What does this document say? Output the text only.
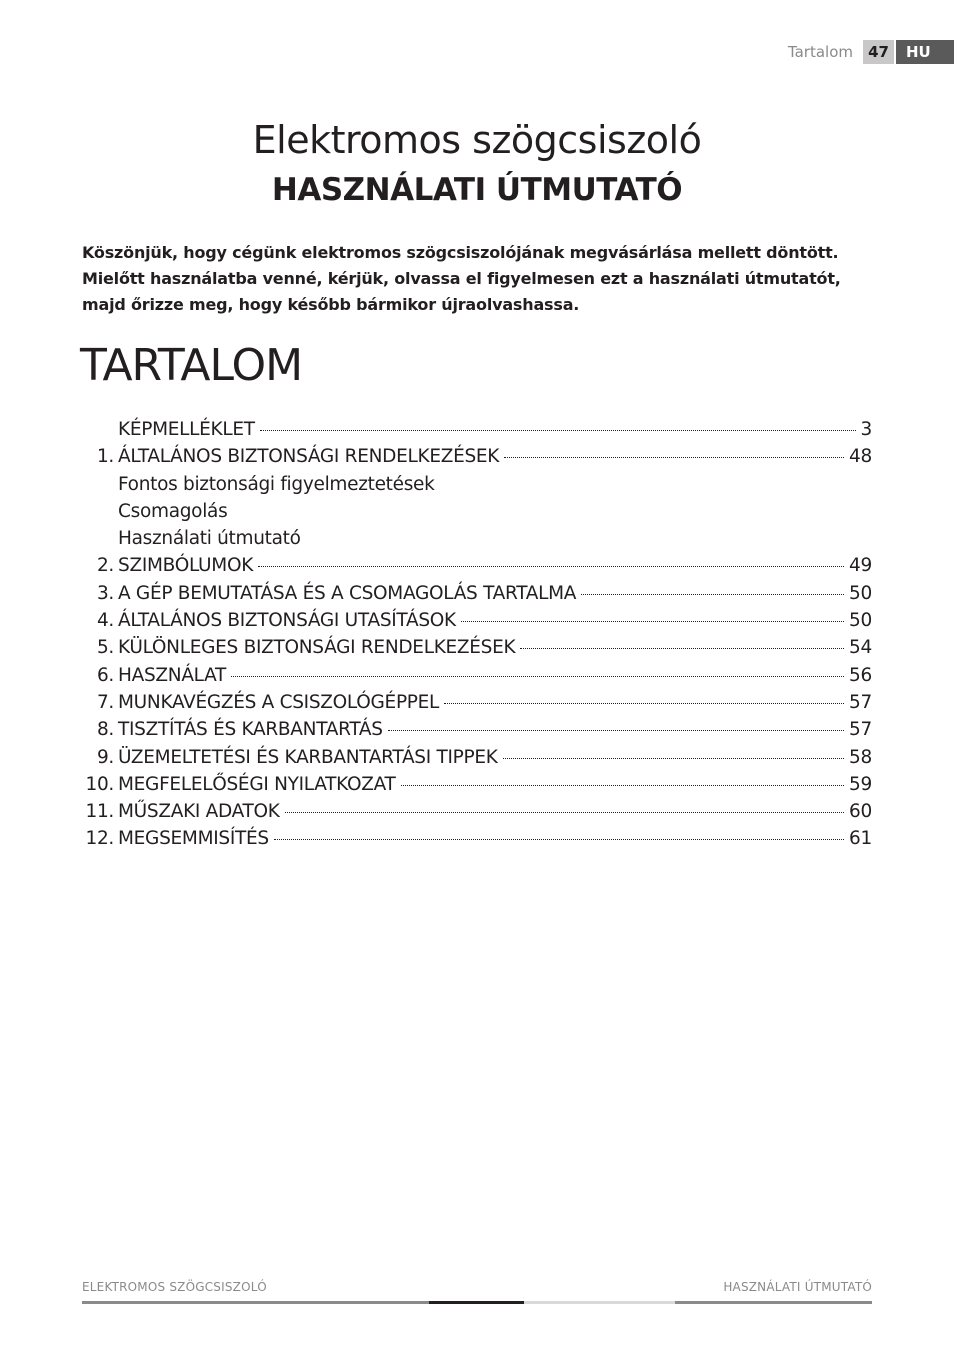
Tartalom	47	HU
Elektromos szögcsiszoló
HASZNÁLATI ÚTMUTATÓ
Köszönjük, hogy cégünk elektromos szögcsiszolójának megvásárlása mellett döntött. Mielőtt használatba venné, kérjük, olvassa el figyelmesen ezt a használati útmutatót, majd őrizze meg, hogy később bármikor újraolvashassa.
TARTALOM
KÉPMELLÉKLET	3
1. ÁLTALÁNOS BIZTONSÁGI RENDELKEZÉSEK	48
Fontos biztonsági figyelmeztetések
Csomagolás
Használati útmutató
2. SZIMBÓLUMOK	49
3. A GÉP BEMUTATÁSA ÉS A CSOMAGOLÁS TARTALMA	50
4. ÁLTALÁNOS BIZTONSÁGI UTASÍTÁSOK	50
5. KÜLÖNLEGES BIZTONSÁGI RENDELKEZÉSEK	54
6. HASZNÁLAT	56
7. MUNKAVÉGZÉS A CSISZOLÓGÉPPEL	57
8. TISZTÍTÁS ÉS KARBANTARTÁS	57
9. ÜZEMELTETÉSI ÉS KARBANTARTÁSI TIPPEK	58
10. MEGFELELŐSÉGI NYILATKOZAT	59
11. MŰSZAKI ADATOK	60
12. MEGSEMMISÍTÉS	61
ELEKTROMOS SZÖGCSISZOLÓ	HASZNÁLATI ÚTMUTATÓ
